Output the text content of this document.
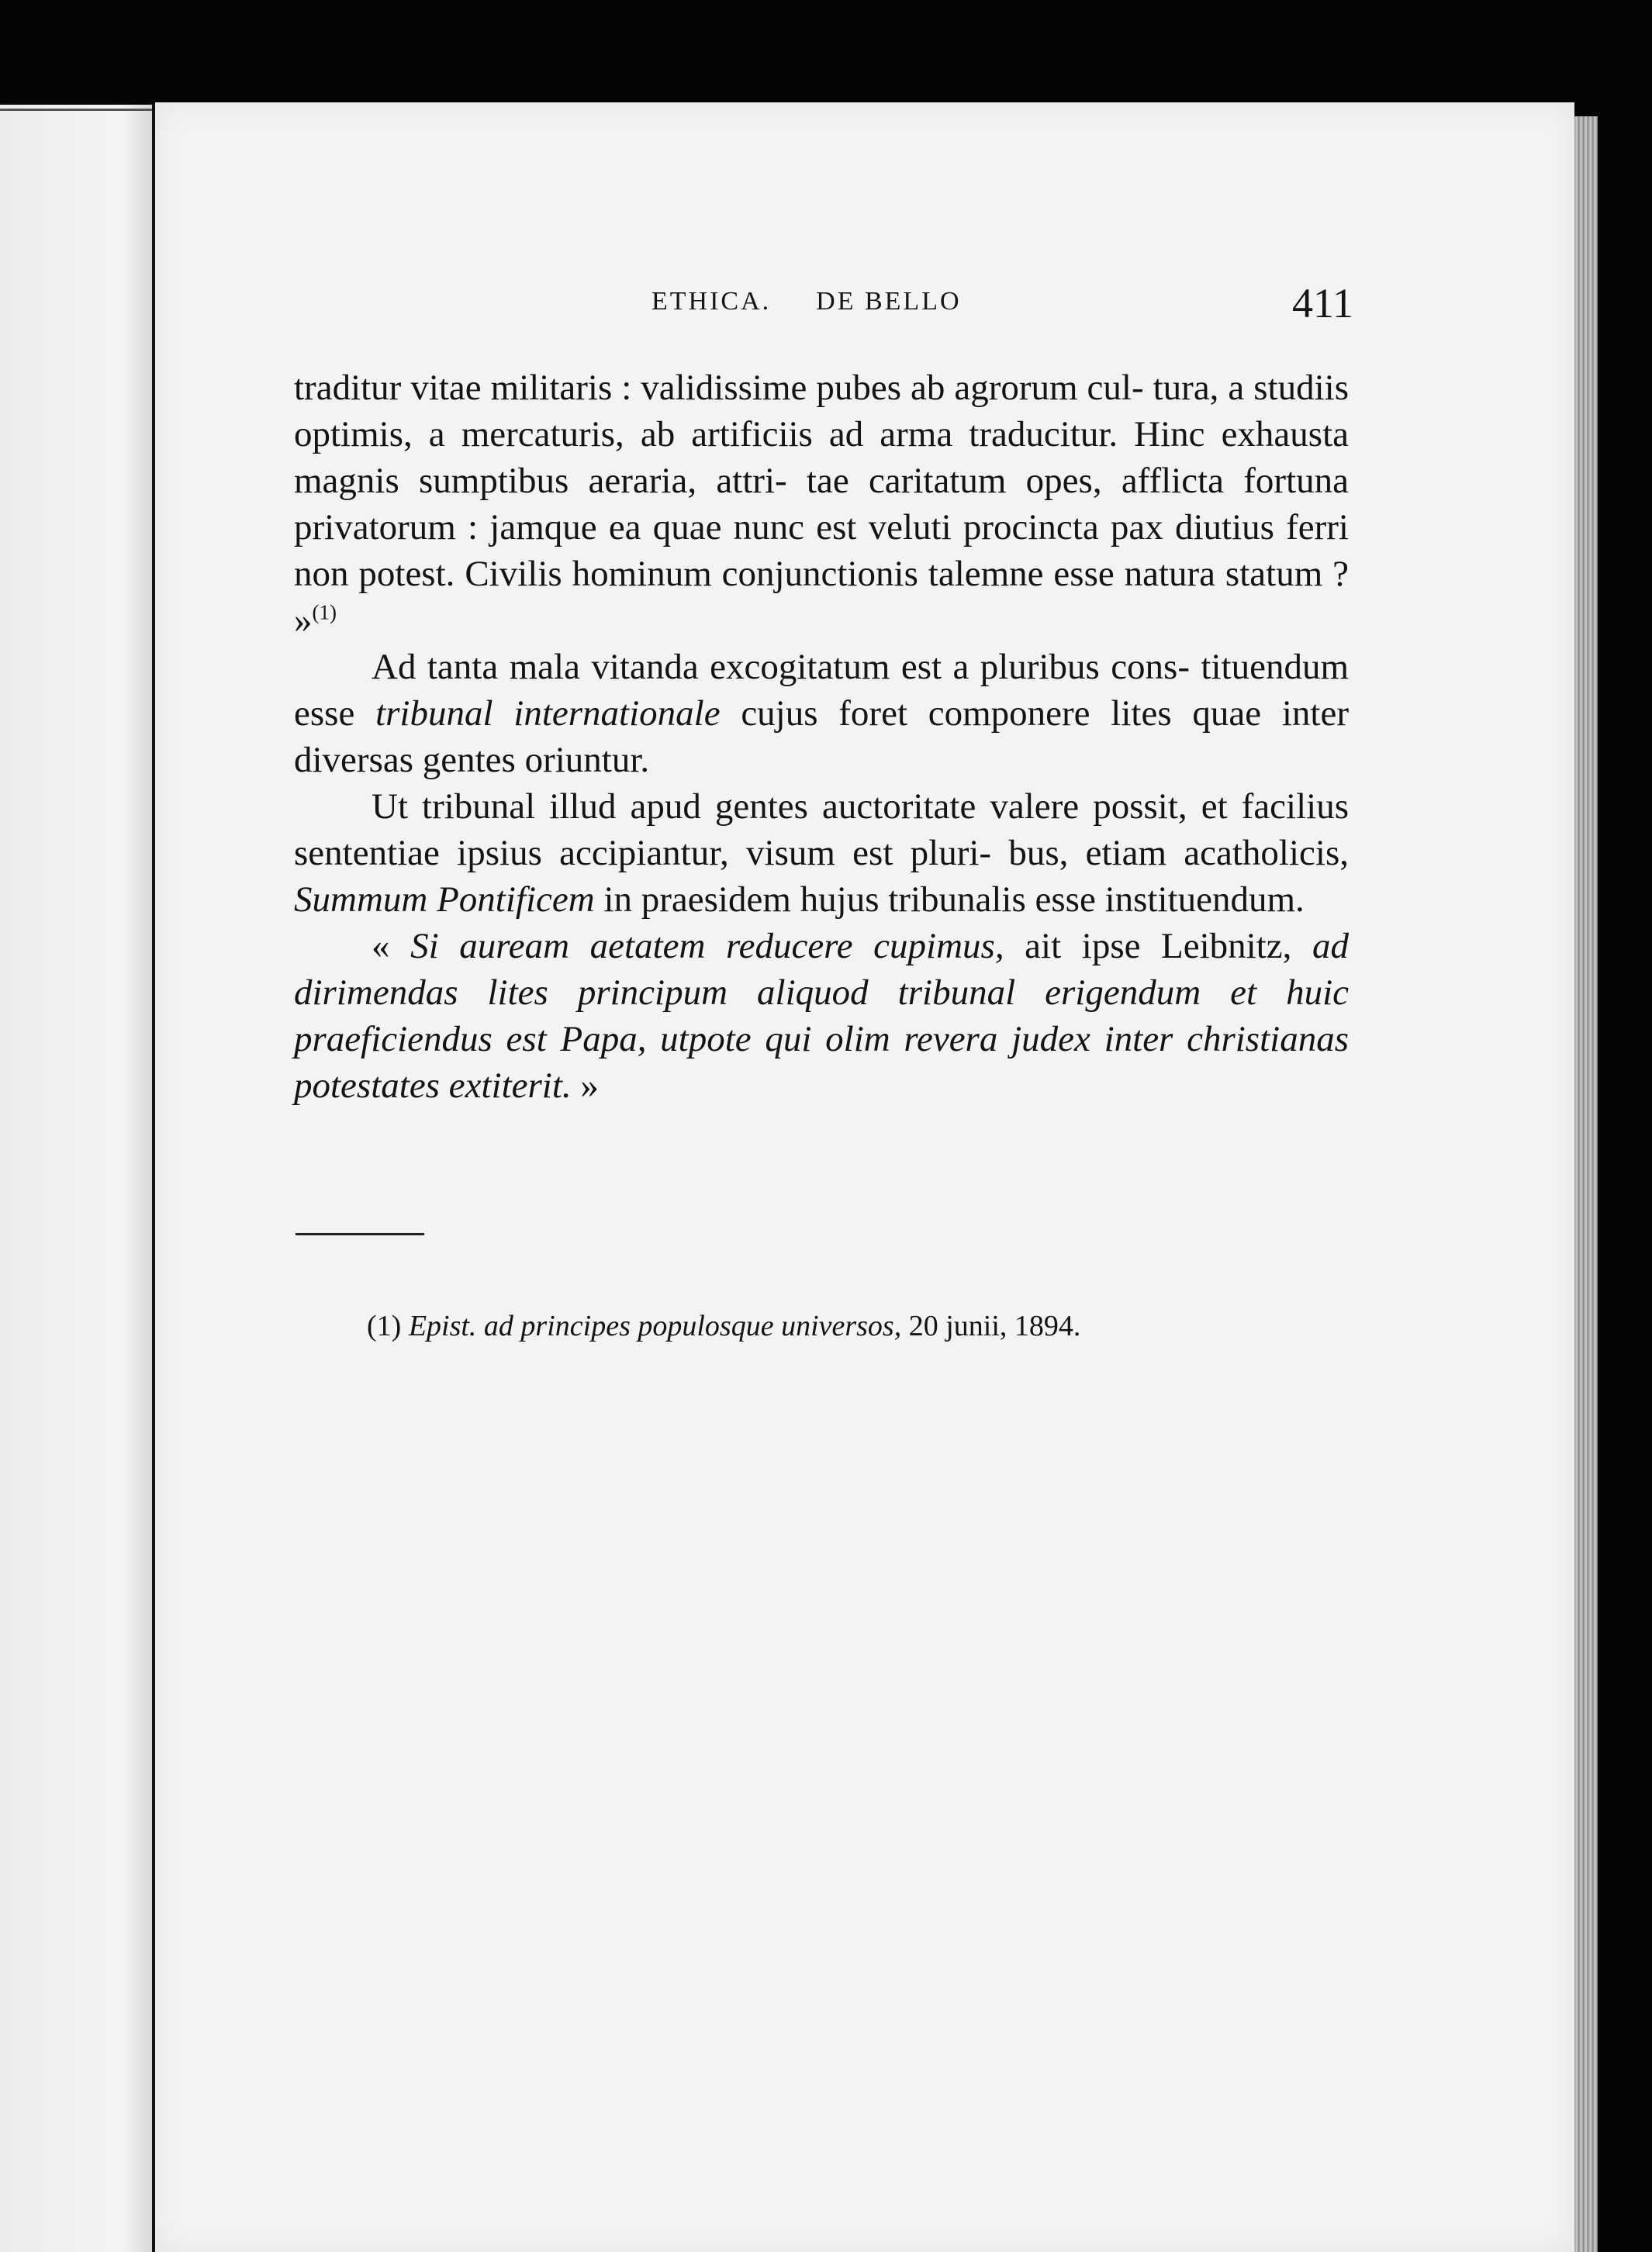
ETHICA. DE BELLO	411

traditur vitae militaris : validissime pubes ab agrorum cul- tura, a studiis optimis, a mercaturis, ab artificiis ad arma traducitur. Hinc exhausta magnis sumptibus aeraria, attri- tae caritatum opes, afflicta fortuna privatorum : jamque ea quae nunc est veluti procincta pax diutius ferri non potest. Civilis hominum conjunctionis talemne esse natura statum ? »$^{(1)}$

Ad tanta mala vitanda excogitatum est a pluribus cons- tituendum esse tribunal internationale cujus foret componere lites quae inter diversas gentes oriuntur.

Ut tribunal illud apud gentes auctoritate valere possit, et facilius sententiae ipsius accipiantur, visum est pluri- bus, etiam acatholicis, Summum Pontificem in praesidem hujus tribunalis esse instituendum.

« Si auream aetatem reducere cupimus, ait ipse Leibnitz, ad dirimendas lites principum aliquod tribunal erigendum et huic praeficiendus est Papa, utpote qui olim revera judex inter christianas potestates extiterit. »

(1) Epist. ad principes populosque universos, 20 junii, 1894.
